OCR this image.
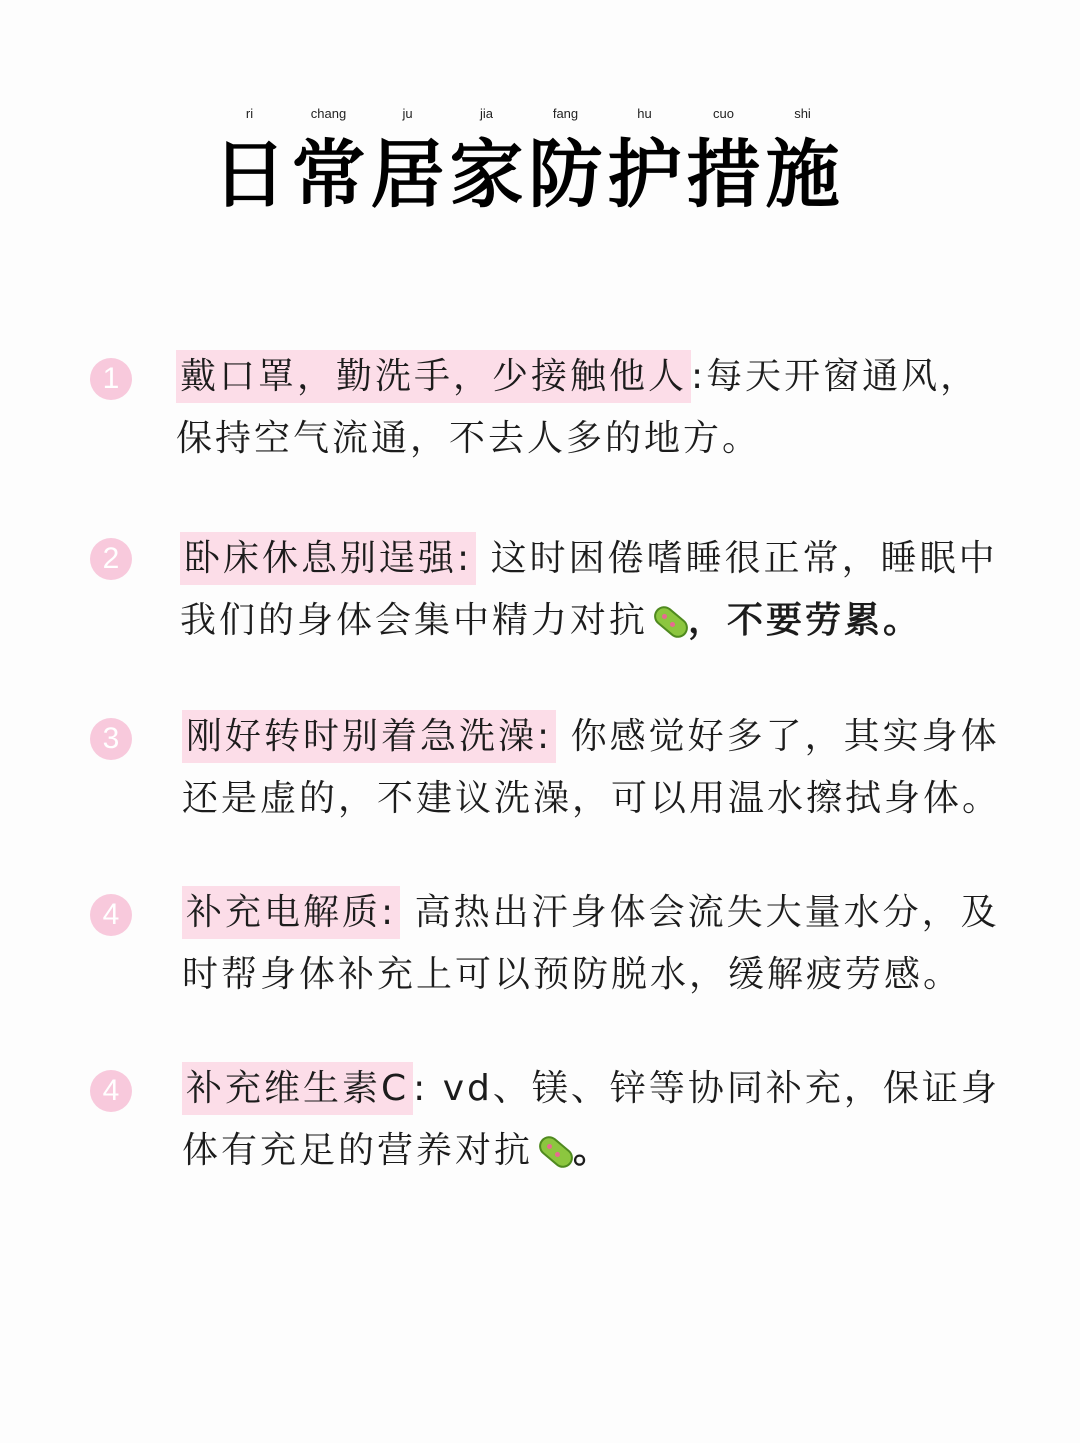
ri	chang	ju	jia	fang	hu	cuo	shi
日 常 居 家 防 护 措 施
1	戴口罩，勤洗手，少接触他人 :每天开窗通风，保持空气流通，不去人多的地方。
2	卧床休息别逞强: 这时困倦嗜睡很正常，睡眠中我们的身体会集中精力对抗 ，不要劳累。
3	刚好转时别着急洗澡: 你感觉好多了，其实身体还是虚的，不建议洗澡，可以用温水擦拭身体。
4	补充电解质: 高热出汗身体会流失大量水分，及时帮身体补充上可以预防脱水，缓解疲劳感。
4	补充维生素C : vd、镁、锌等协同补充，保证身体有充足的营养对抗 。
